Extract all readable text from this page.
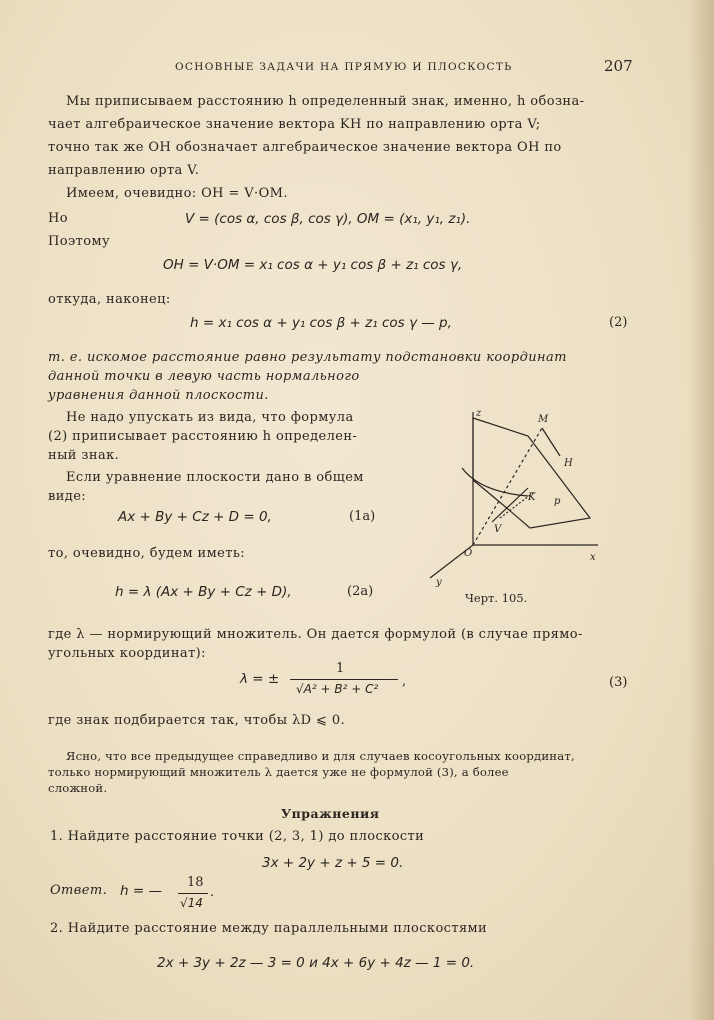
ОСНОВНЫЕ ЗАДАЧИ НА ПРЯМУЮ И ПЛОСКОСТЬ	207
Мы приписываем расстоянию h определенный знак, именно, h обозна-
чает алгебраическое значение вектора KH по направлению орта V;
точно так же OH обозначает алгебраическое значение вектора OH по
направлению орта V.
Имеем, очевидно: OH = V·OM.
Но	V = (cos α, cos β, cos γ), OM = (x₁, y₁, z₁).
Поэтому
OH = V·OM = x₁ cos α + y₁ cos β + z₁ cos γ,
откуда, наконец:
h = x₁ cos α + y₁ cos β + z₁ cos γ — p,	(2)
т. е. искомое расстояние равно результату подстановки координат
данной точки в левую часть нормального
уравнения данной плоскости.
Не надо упускать из вида, что формула
(2) приписывает расстоянию h определен-
ный знак.
Если уравнение плоскости дано в общем
виде:
Ax + By + Cz + D = 0,	(1а)
то, очевидно, будем иметь:
h = λ (Ax + By + Cz + D),	(2а)
z
y
x
O
M
H
K
V
p
Черт. 105.
где λ — нормирующий множитель. Он дается формулой (в случае прямо-
угольных координат):
λ = ±
1
√A² + B² + C² ,	(3)
где знак подбирается так, чтобы λD ⩽ 0.
Ясно, что все предыдущее справедливо и для случаев косоугольных координат,
только нормирующий множитель λ дается уже не формулой (3), а более
сложной.
Упражнения
1. Найдите расстояние точки (2, 3, 1) до плоскости
3x + 2y + z + 5 = 0.
Ответ. h = —
18
√14
.
2. Найдите расстояние между параллельными плоскостями
2x + 3y + 2z — 3 = 0 и 4x + 6y + 4z — 1 = 0.
